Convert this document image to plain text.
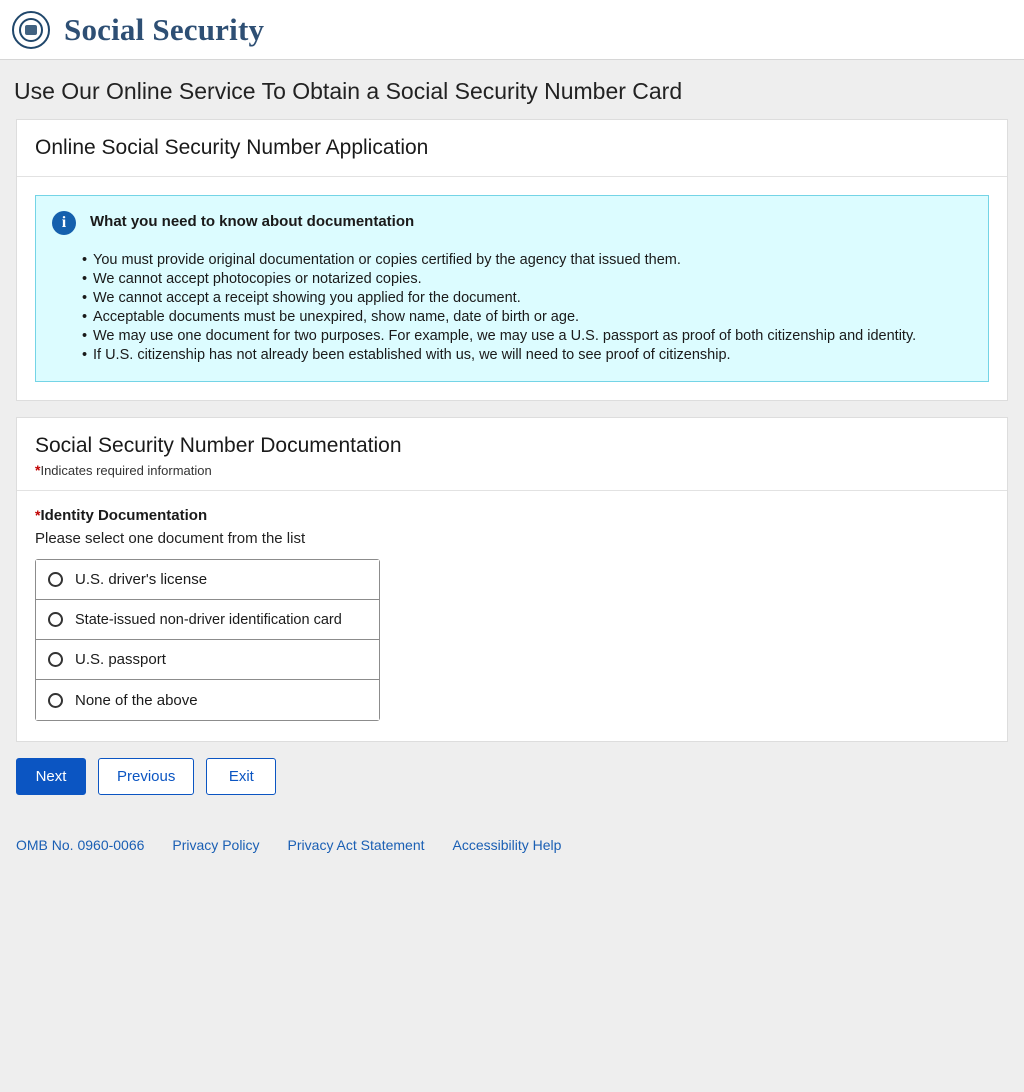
Social Security
Use Our Online Service To Obtain a Social Security Number Card
Online Social Security Number Application
i	What you need to know about documentation
• You must provide original documentation or copies certified by the agency that issued them.
• We cannot accept photocopies or notarized copies.
• We cannot accept a receipt showing you applied for the document.
• Acceptable documents must be unexpired, show name, date of birth or age.
• We may use one document for two purposes. For example, we may use a U.S. passport as proof of both citizenship and identity.
• If U.S. citizenship has not already been established with us, we will need to see proof of citizenship.
Social Security Number Documentation
*Indicates required information
*Identity Documentation
Please select one document from the list
U.S. driver's license
State-issued non-driver identification card
U.S. passport
None of the above
Next	Previous	Exit
OMB No. 0960-0066 Privacy Policy Privacy Act Statement Accessibility Help
